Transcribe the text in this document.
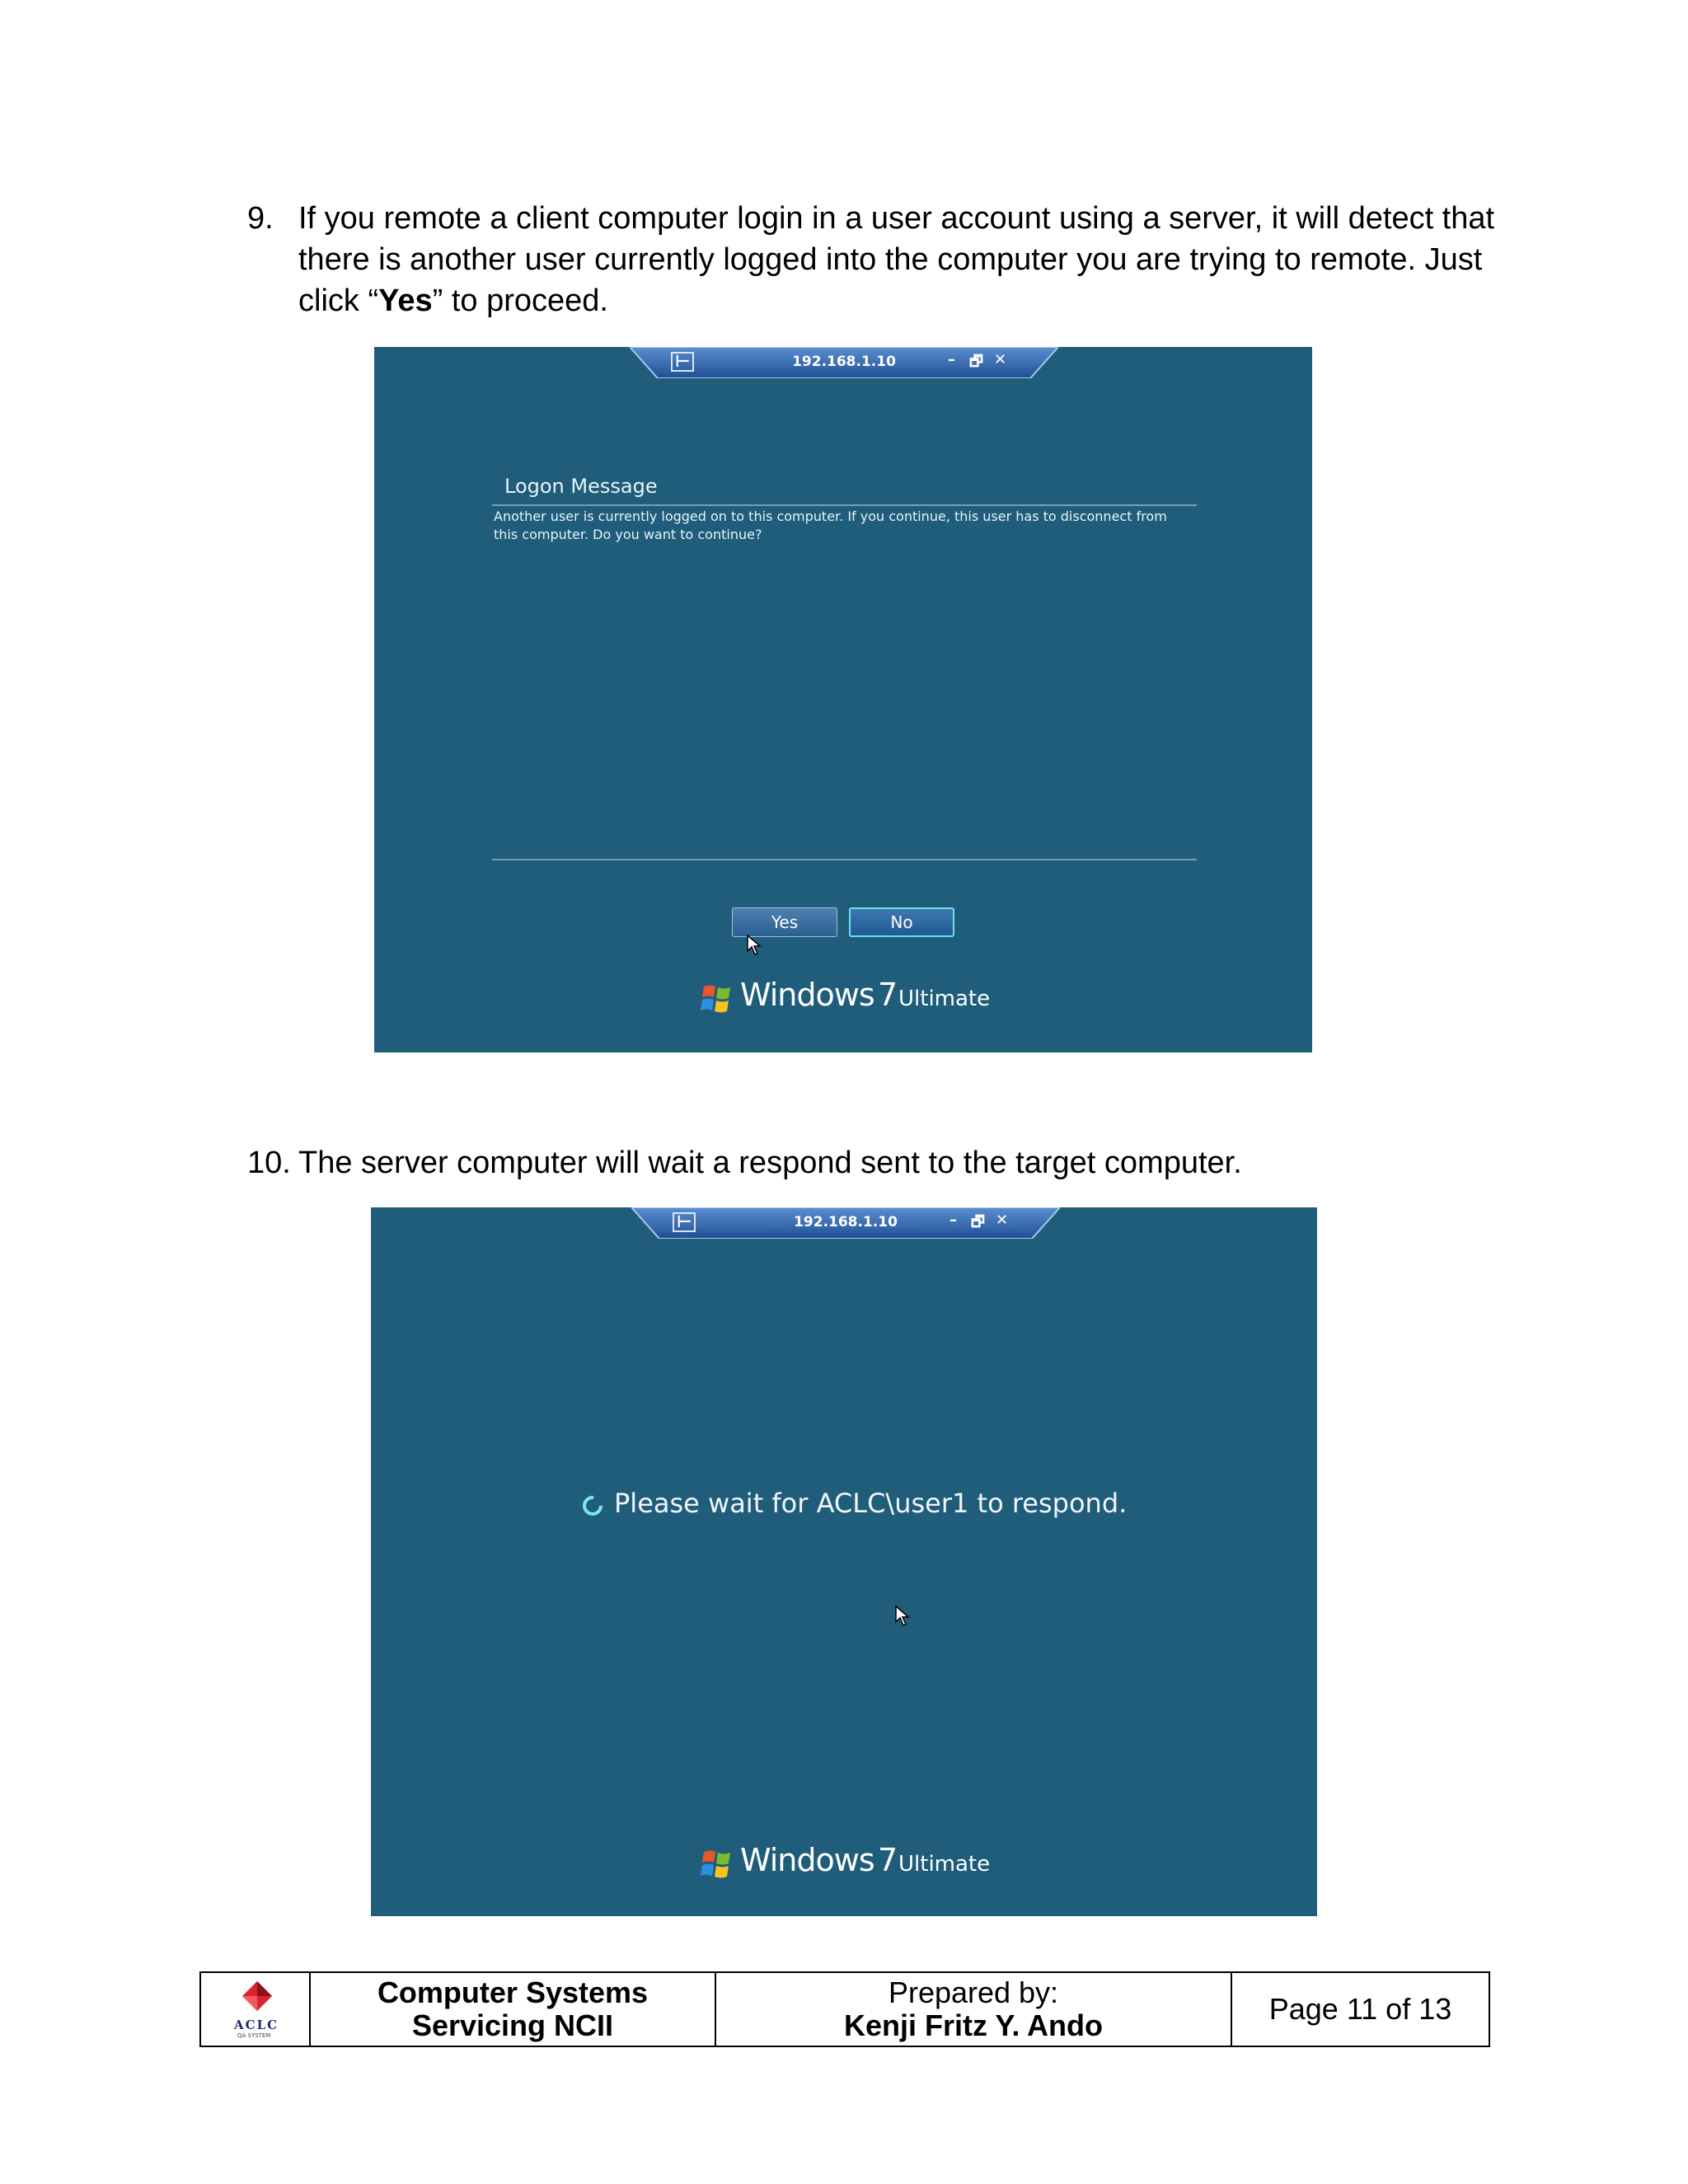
9. If you remote a client computer login in a user account using a server, it will detect that there is another user currently logged into the computer you are trying to remote. Just click “Yes” to proceed.
⊢	192.168.1.10	– 🗗 ✕
Logon Message
Another user is currently logged on to this computer. If you continue, this user has to disconnect from this computer. Do you want to continue?
Yes	No
Windows 7 Ultimate
10. The server computer will wait a respond sent to the target computer.
⊢	192.168.1.10	– 🗗 ✕
Please wait for ACLC\user1 to respond.
Windows 7 Ultimate
ACLC
QA SYSTEM
Computer Systems
Servicing NCII
Prepared by:
Kenji Fritz Y. Ando	Page 11 of 13
